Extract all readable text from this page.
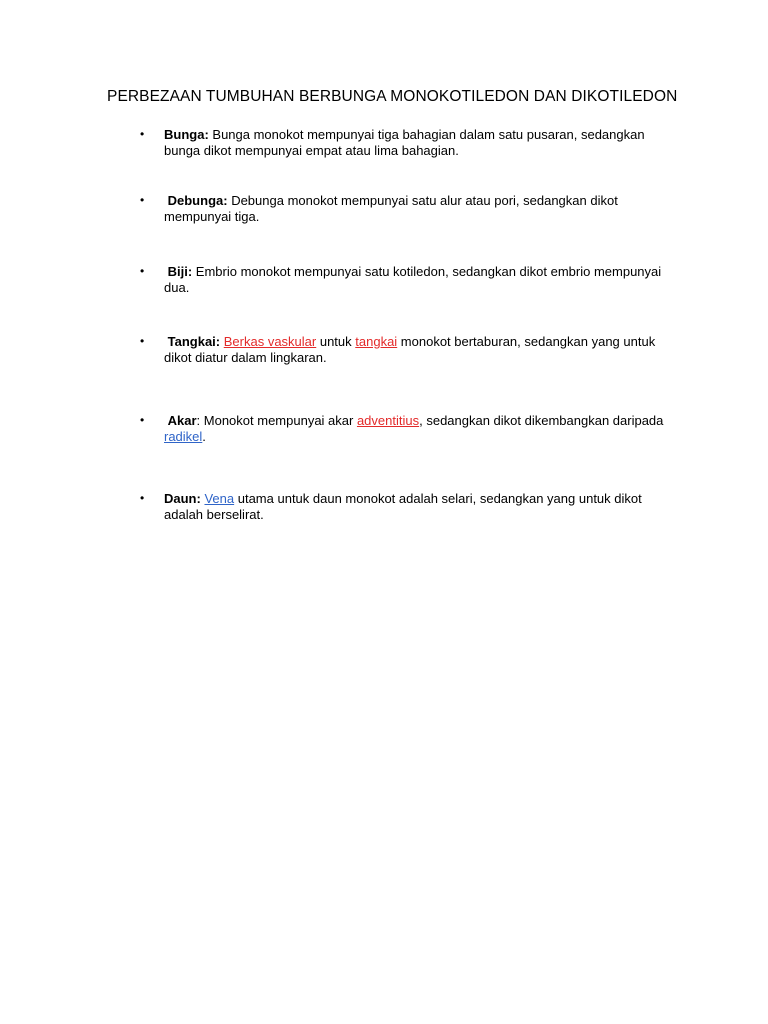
PERBEZAAN TUMBUHAN BERBUNGA MONOKOTILEDON DAN DIKOTILEDON
• Bunga: Bunga monokot mempunyai tiga bahagian dalam satu pusaran, sedangkan bunga dikot mempunyai empat atau lima bahagian.
• Debunga: Debunga monokot mempunyai satu alur atau pori, sedangkan dikot mempunyai tiga.
• Biji: Embrio monokot mempunyai satu kotiledon, sedangkan dikot embrio mempunyai dua.
• Tangkai: Berkas vaskular untuk tangkai monokot bertaburan, sedangkan yang untuk dikot diatur dalam lingkaran.
• Akar: Monokot mempunyai akar adventitius, sedangkan dikot dikembangkan daripada radikel.
• Daun: Vena utama untuk daun monokot adalah selari, sedangkan yang untuk dikot adalah berselirat.
